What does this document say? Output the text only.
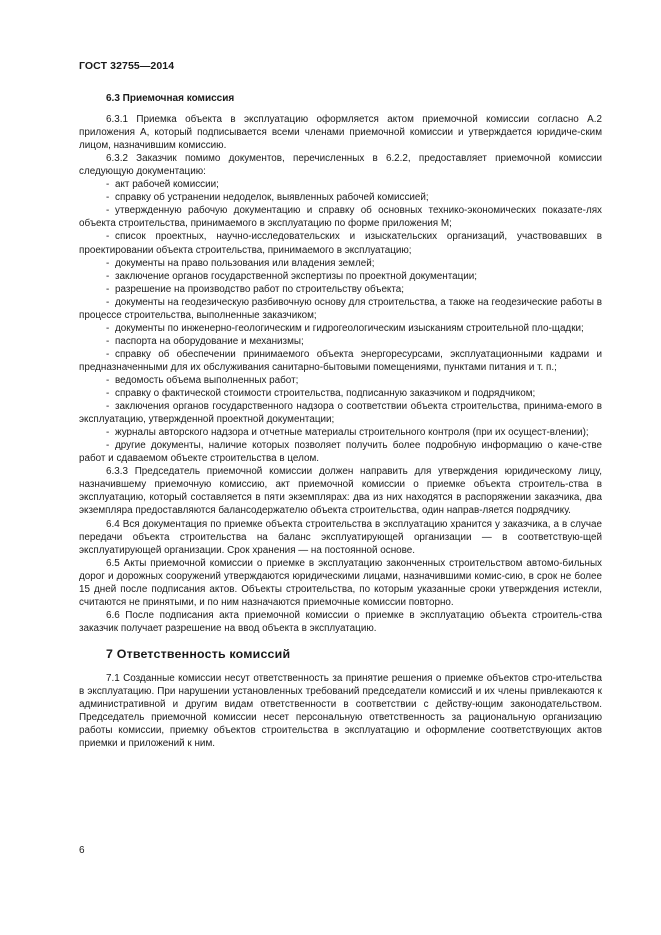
ГОСТ 32755—2014

6.3 Приемочная комиссия

6.3.1 Приемка объекта в эксплуатацию оформляется актом приемочной комиссии согласно А.2 приложения А, который подписывается всеми членами приемочной комиссии и утверждается юридиче-ским лицом, назначившим комиссию.

6.3.2 Заказчик помимо документов, перечисленных в 6.2.2, предоставляет приемочной комиссии следующую документацию:

- акт рабочей комиссии;

- справку об устранении недоделок, выявленных рабочей комиссией;

- утвержденную рабочую документацию и справку об основных технико-экономических показате-лях объекта строительства, принимаемого в эксплуатацию по форме приложения М;

- список проектных, научно-исследовательских и изыскательских организаций, участвовавших в проектировании объекта строительства, принимаемого в эксплуатацию;

- документы на право пользования или владения землей;

- заключение органов государственной экспертизы по проектной документации;

- разрешение на производство работ по строительству объекта;

- документы на геодезическую разбивочную основу для строительства, а также на геодезические работы в процессе строительства, выполненные заказчиком;

- документы по инженерно-геологическим и гидрогеологическим изысканиям строительной пло-щадки;

- паспорта на оборудование и механизмы;

- справку об обеспечении принимаемого объекта энергоресурсами, эксплуатационными кадрами и предназначенными для их обслуживания санитарно-бытовыми помещениями, пунктами питания и т. п.;

- ведомость объема выполненных работ;

- справку о фактической стоимости строительства, подписанную заказчиком и подрядчиком;

- заключения органов государственного надзора о соответствии объекта строительства, принима-емого в эксплуатацию, утвержденной проектной документации;

- журналы авторского надзора и отчетные материалы строительного контроля (при их осущест-влении);

- другие документы, наличие которых позволяет получить более подробную информацию о каче-стве работ и сдаваемом объекте строительства в целом.

6.3.3 Председатель приемочной комиссии должен направить для утверждения юридическому лицу, назначившему приемочную комиссию, акт приемочной комиссии о приемке объекта строитель-ства в эксплуатацию, который составляется в пяти экземплярах: два из них находятся в распоряжении заказчика, два экземпляра предоставляются балансодержателю объекта строительства, один направ-ляется подрядчику.

6.4 Вся документация по приемке объекта строительства в эксплуатацию хранится у заказчика, а в случае передачи объекта строительства на баланс эксплуатирующей организации — в соответствую-щей эксплуатирующей организации. Срок хранения — на постоянной основе.

6.5 Акты приемочной комиссии о приемке в эксплуатацию законченных строительством автомо-бильных дорог и дорожных сооружений утверждаются юридическими лицами, назначившими комис-сию, в срок не более 15 дней после подписания актов. Объекты строительства, по которым указанные сроки утверждения истекли, считаются не принятыми, и по ним назначаются приемочные комиссии повторно.

6.6 После подписания акта приемочной комиссии о приемке в эксплуатацию объекта строитель-ства заказчик получает разрешение на ввод объекта в эксплуатацию.

7 Ответственность комиссий

7.1 Созданные комиссии несут ответственность за принятие решения о приемке объектов стро-ительства в эксплуатацию. При нарушении установленных требований председатели комиссий и их члены привлекаются к административной и другим видам ответственности в соответствии с действу-ющим законодательством. Председатель приемочной комиссии несет персональную ответственность за рациональную организацию работы комиссии, приемку объектов строительства в эксплуатацию и оформление соответствующих актов приемки и приложений к ним.

6
